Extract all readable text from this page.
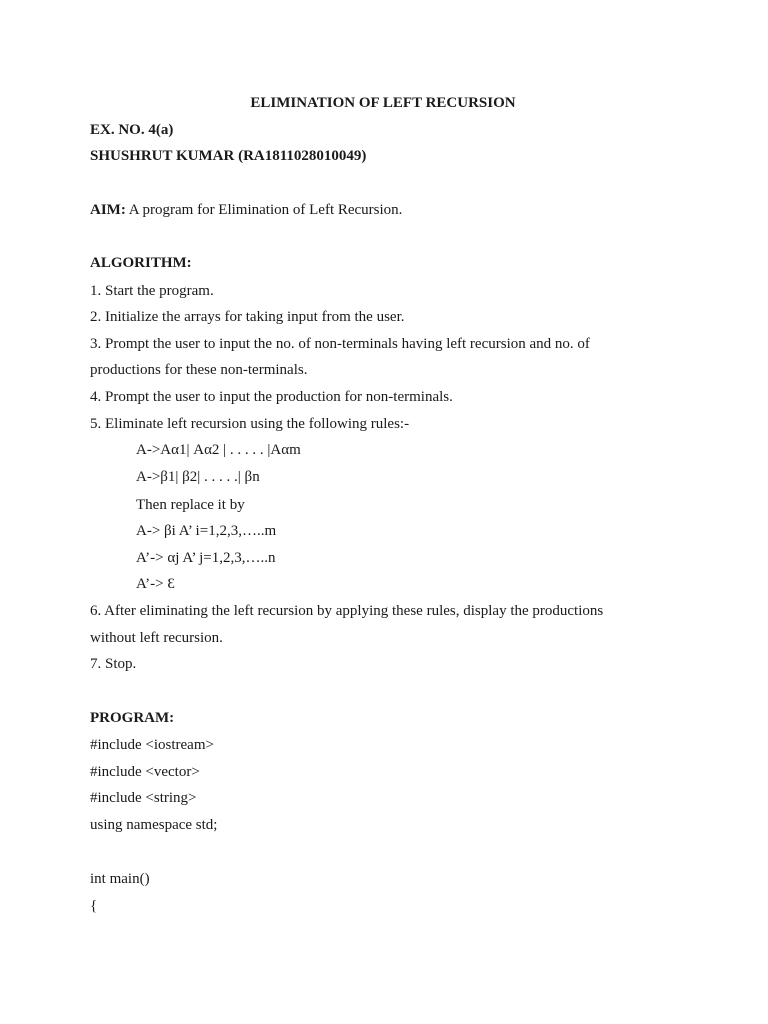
ELIMINATION OF LEFT RECURSION
EX. NO. 4(a)
SHUSHRUT KUMAR (RA1811028010049)
AIM: A program for Elimination of Left Recursion.
ALGORITHM:
1. Start the program.
2. Initialize the arrays for taking input from the user.
3. Prompt the user to input the no. of non-terminals having left recursion and no. of
productions for these non-terminals.
4. Prompt the user to input the production for non-terminals.
5. Eliminate left recursion using the following rules:-
A->Aα1| Aα2 | . . . . . |Aαm
A->β1| β2| . . . . .| βn
Then replace it by
A-> βi A’ i=1,2,3,…..m
A’-> αj A’ j=1,2,3,…..n
A’-> Ɛ
6. After eliminating the left recursion by applying these rules, display the productions
without left recursion.
7. Stop.
PROGRAM:
#include <iostream>
#include <vector>
#include <string>
using namespace std;
int main()
{
